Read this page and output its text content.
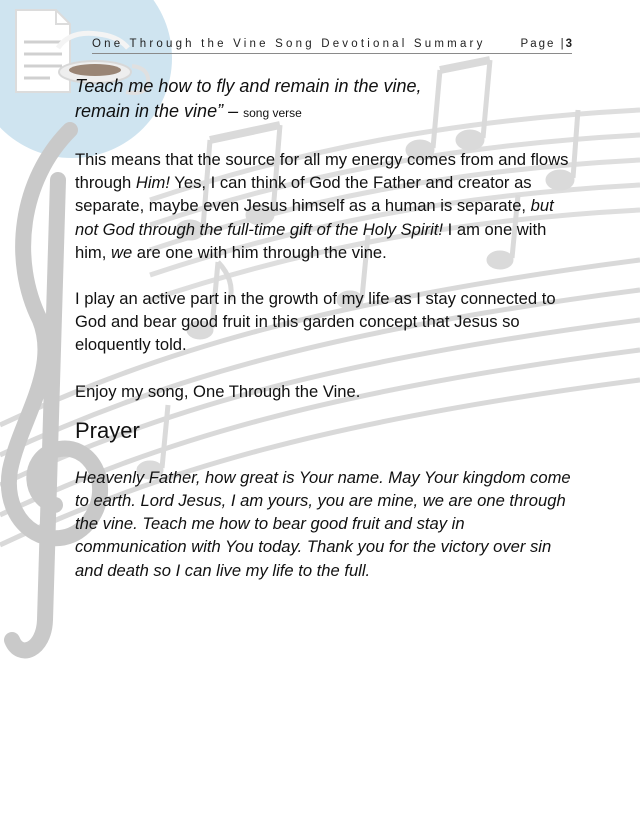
One Through the Vine Song Devotional Summary	Page |3

Teach me how to fly and remain in the vine,
remain in the vine” – song verse

This means that the source for all my energy comes from and flows through Him! Yes, I can think of God the Father and creator as separate, maybe even Jesus himself as a human is separate, but not God through the full-time gift of the Holy Spirit! I am one with him, we are one with him through the vine.

I play an active part in the growth of my life as I stay connected to God and bear good fruit in this garden concept that Jesus so eloquently told.

Enjoy my song, One Through the Vine.

Prayer

Heavenly Father, how great is Your name. May Your kingdom come to earth. Lord Jesus, I am yours, you are mine, we are one through the vine. Teach me how to bear good fruit and stay in communication with You today. Thank you for the victory over sin and death so I can live my life to the full.
